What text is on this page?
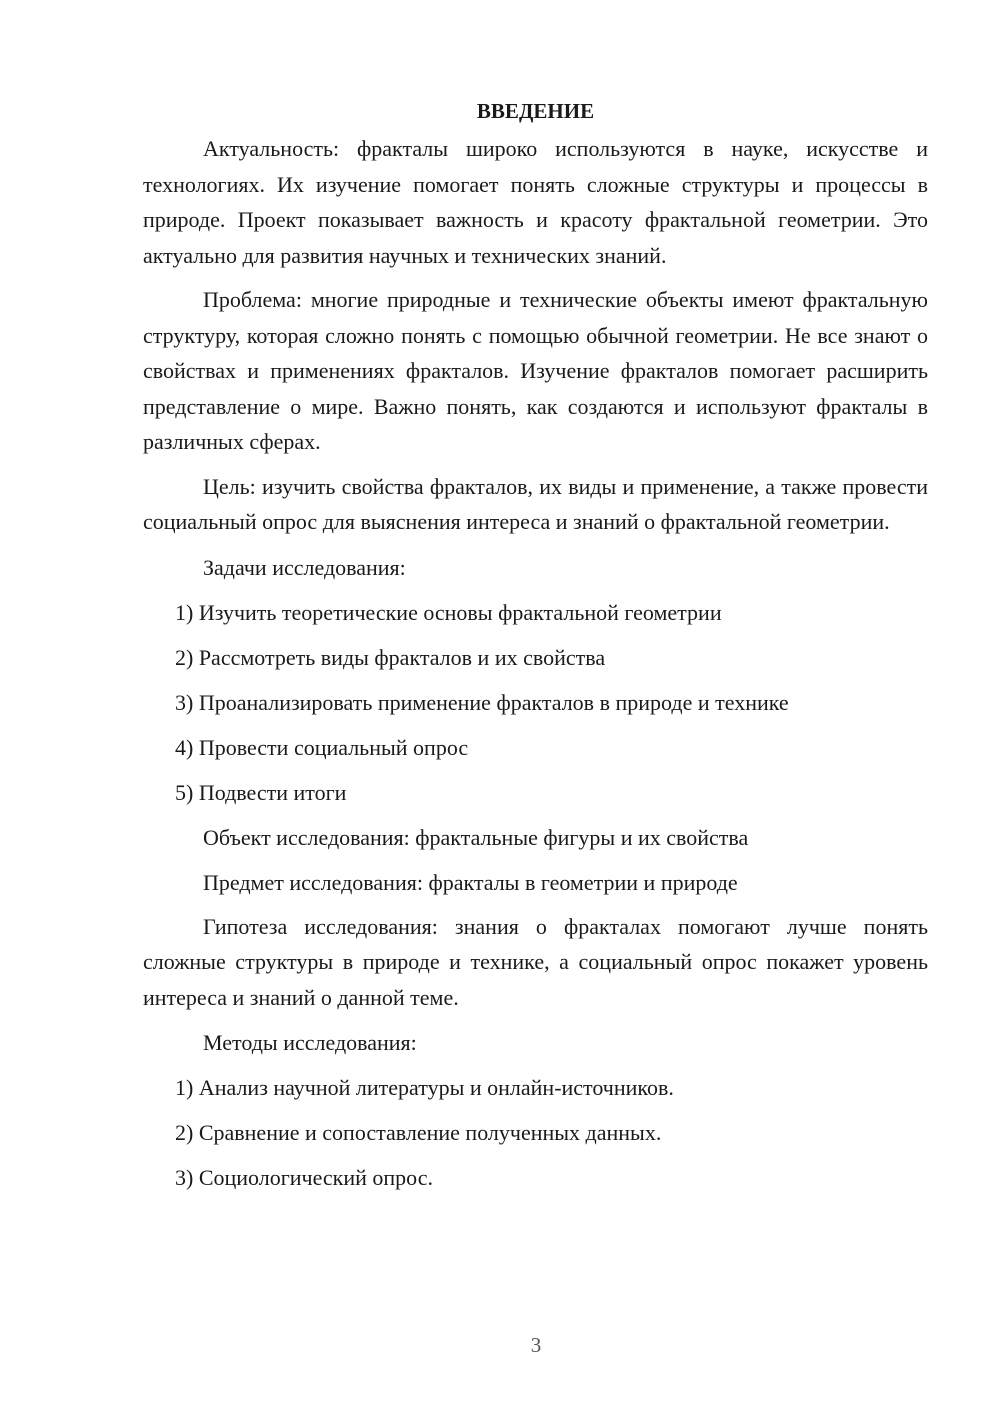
ВВЕДЕНИЕ

Актуальность: фракталы широко используются в науке, искусстве и технологиях. Их изучение помогает понять сложные структуры и процессы в природе. Проект показывает важность и красоту фрактальной геометрии. Это актуально для развития научных и технических знаний.

Проблема: многие природные и технические объекты имеют фрактальную структуру, которая сложно понять с помощью обычной геометрии. Не все знают о свойствах и применениях фракталов. Изучение фракталов помогает расширить представление о мире. Важно понять, как создаются и используют фракталы в различных сферах.

Цель: изучить свойства фракталов, их виды и применение, а также провести социальный опрос для выяснения интереса и знаний о фрактальной геометрии.

Задачи исследования:

1) Изучить теоретические основы фрактальной геометрии

2) Рассмотреть виды фракталов и их свойства

3) Проанализировать применение фракталов в природе и технике

4) Провести социальный опрос

5) Подвести итоги

Объект исследования: фрактальные фигуры и их свойства

Предмет исследования: фракталы в геометрии и природе

Гипотеза исследования: знания о фракталах помогают лучше понять сложные структуры в природе и технике, а социальный опрос покажет уровень интереса и знаний о данной теме.

Методы исследования:

1) Анализ научной литературы и онлайн-источников.

2) Сравнение и сопоставление полученных данных.

3) Социологический опрос.

3
